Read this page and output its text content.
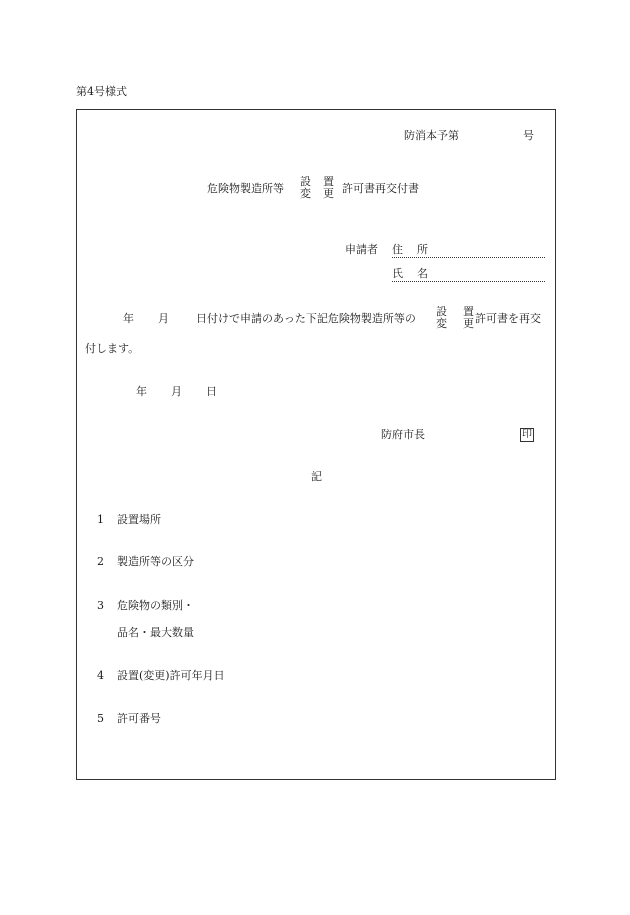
第4号様式
防消本予第	号
危険物製造所等
設 置
変 更 許可書再交付書
申請者 住 所
氏 名
年 月 日付けで申請のあった下記危険物製造所等の
設 置
変 更 許可書を再交
付します。
年 月 日
防府市長	印
記
1 設置場所
2 製造所等の区分
3 危険物の類別・
品名・最大数量
4 設置(変更)許可年月日
5 許可番号
